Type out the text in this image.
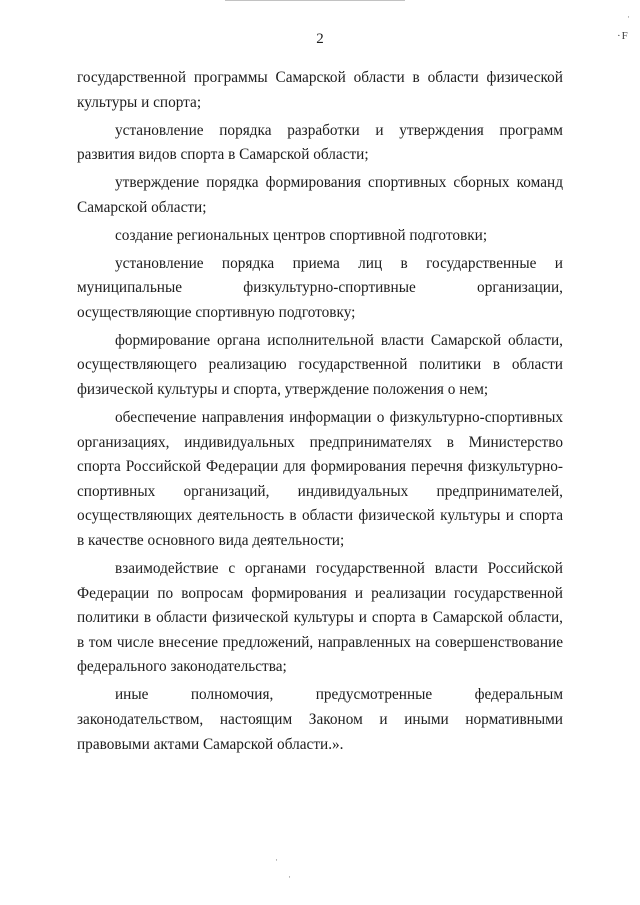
2	·F

государственной программы Самарской области в области физической культуры и спорта;

установление порядка разработки и утверждения программ развития видов спорта в Самарской области;

утверждение порядка формирования спортивных сборных команд Самарской области;

создание региональных центров спортивной подготовки;

установление порядка приема лиц в государственные и муниципальные физкультурно-спортивные организации, осуществляющие спортивную подготовку;

формирование органа исполнительной власти Самарской области, осуществляющего реализацию государственной политики в области физической культуры и спорта, утверждение положения о нем;

обеспечение направления информации о физкультурно-спортивных организациях, индивидуальных предпринимателях в Министерство спорта Российской Федерации для формирования перечня физкультурно-спортивных организаций, индивидуальных предпринимателей, осуществляющих деятельность в области физической культуры и спорта в качестве основного вида деятельности;

взаимодействие с органами государственной власти Российской Федерации по вопросам формирования и реализации государственной политики в области физической культуры и спорта в Самарской области, в том числе внесение предложений, направленных на совершенствование федерального законодательства;

иные полномочия, предусмотренные федеральным законодательством, настоящим Законом и иными нормативными правовыми актами Самарской области.».

·
·
·
